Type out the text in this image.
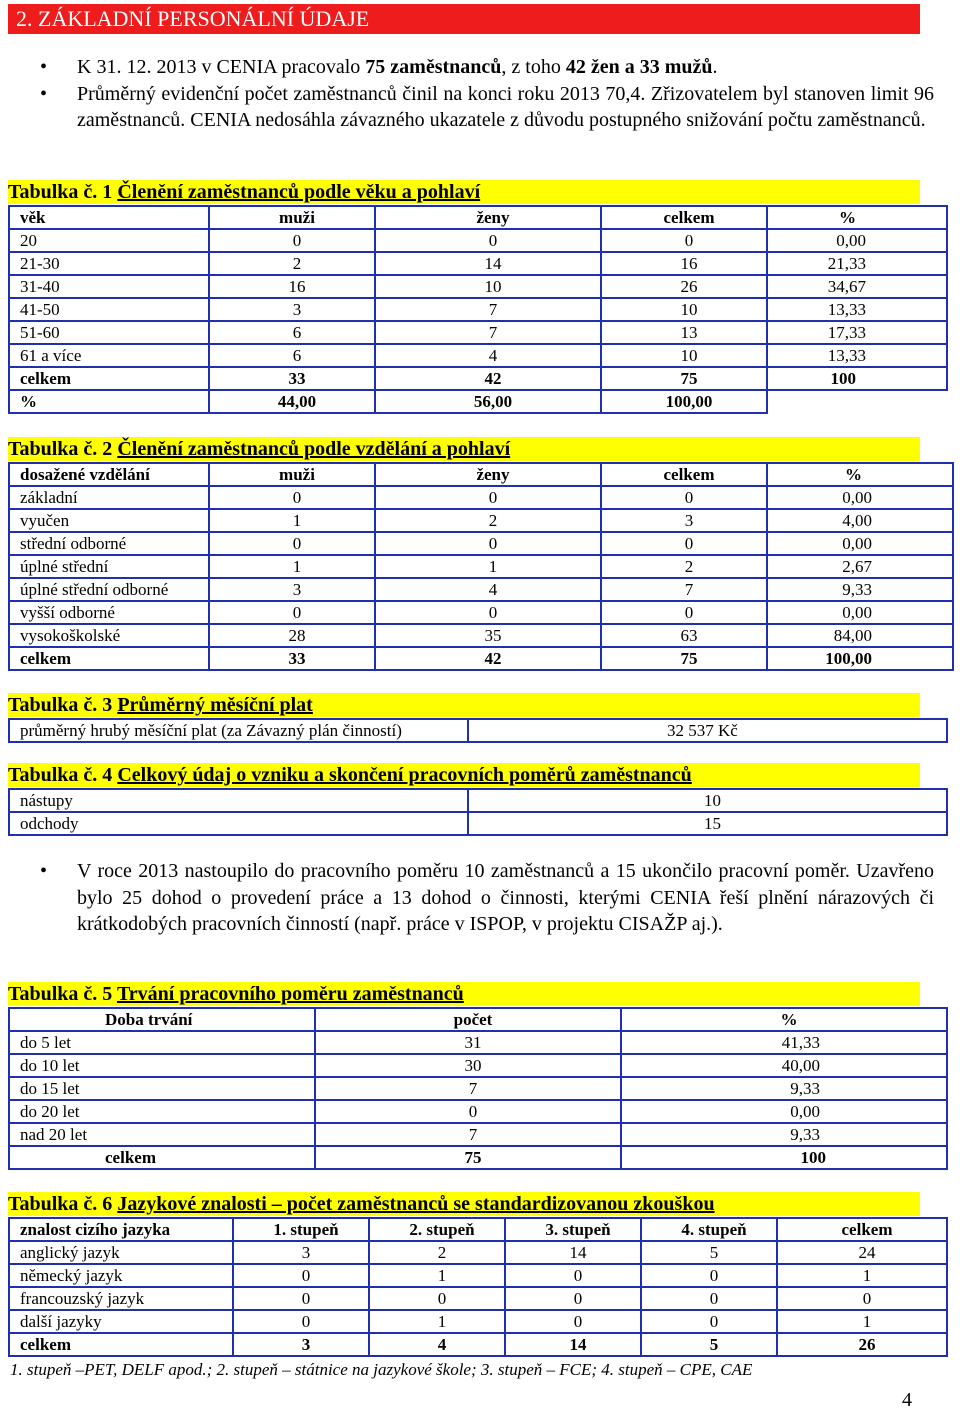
2. ZÁKLADNÍ PERSONÁLNÍ ÚDAJE
• K 31. 12. 2013 v CENIA pracovalo 75 zaměstnanců, z toho 42 žen a 33 mužů.
• Průměrný evidenční počet zaměstnanců činil na konci roku 2013 70,4. Zřizovatelem byl stanoven limit 96 zaměstnanců. CENIA nedosáhla závazného ukazatele z důvodu postupného snižování počtu zaměstnanců.
Tabulka č. 1 Členění zaměstnanců podle věku a pohlaví
věk	muži	ženy	celkem	%
20	0	0	0	0,00
21-30	2	14	16	21,33
31-40	16	10	26	34,67
41-50	3	7	10	13,33
51-60	6	7	13	17,33
61 a více	6	4	10	13,33
celkem	33	42	75	100
%	44,00	56,00	100,00	
Tabulka č. 2 Členění zaměstnanců podle vzdělání a pohlaví
dosažené vzdělání	muži	ženy	celkem	%
základní	0	0	0	0,00
vyučen	1	2	3	4,00
střední odborné	0	0	0	0,00
úplné střední	1	1	2	2,67
úplné střední odborné	3	4	7	9,33
vyšší odborné	0	0	0	0,00
vysokoškolské	28	35	63	84,00
celkem	33	42	75	100,00
Tabulka č. 3 Průměrný měsíční plat
průměrný hrubý měsíční plat (za Závazný plán činností)	32 537 Kč
Tabulka č. 4 Celkový údaj o vzniku a skončení pracovních poměrů zaměstnanců
nástupy	10
odchody	15
• V roce 2013 nastoupilo do pracovního poměru 10 zaměstnanců a 15 ukončilo pracovní poměr. Uzavřeno bylo 25 dohod o provedení práce a 13 dohod o činnosti, kterými CENIA řeší plnění nárazových či krátkodobých pracovních činností (např. práce v ISPOP, v projektu CISAŽP aj.).
Tabulka č. 5 Trvání pracovního poměru zaměstnanců
Doba trvání	počet	%
do 5 let	31	41,33
do 10 let	30	40,00
do 15 let	7	9,33
do 20 let	0	0,00
nad 20 let	7	9,33
celkem	75	100
Tabulka č. 6 Jazykové znalosti – počet zaměstnanců se standardizovanou zkouškou
znalost cizího jazyka	1. stupeň	2. stupeň	3. stupeň	4. stupeň	celkem
anglický jazyk	3	2	14	5	24
německý jazyk	0	1	0	0	1
francouzský jazyk	0	0	0	0	0
další jazyky	0	1	0	0	1
celkem	3	4	14	5	26
1. stupeň –PET, DELF apod.; 2. stupeň – státnice na jazykové škole; 3. stupeň – FCE; 4. stupeň – CPE, CAE
4
